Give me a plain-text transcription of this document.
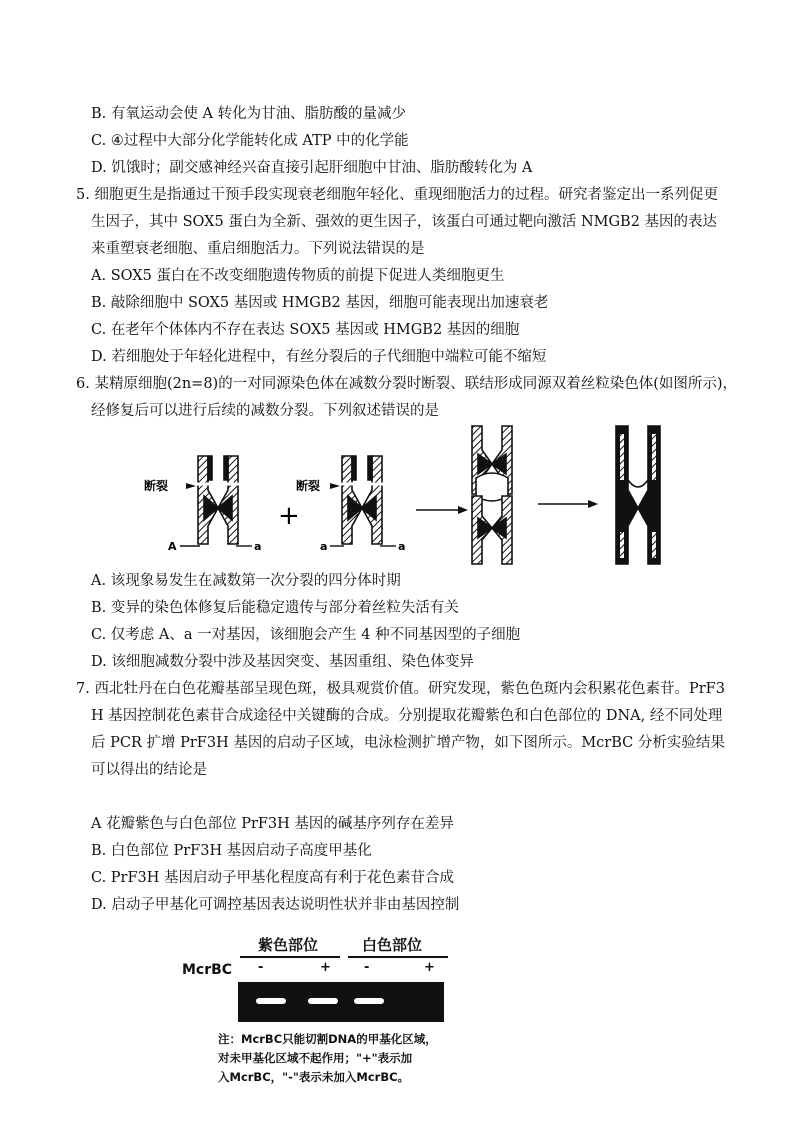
B. 有氧运动会使 A 转化为甘油、脂肪酸的量减少
C. ④过程中大部分化学能转化成 ATP 中的化学能
D. 饥饿时；副交感神经兴奋直接引起肝细胞中甘油、脂肪酸转化为 A
5. 细胞更生是指通过干预手段实现衰老细胞年轻化、重现细胞活力的过程。研究者鉴定出一系列促更
生因子，其中 SOX5 蛋白为全新、强效的更生因子，该蛋白可通过靶向激活 NMGB2 基因的表达
来重塑衰老细胞、重启细胞活力。下列说法错误的是
A. SOX5 蛋白在不改变细胞遗传物质的前提下促进人类细胞更生
B. 敲除细胞中 SOX5 基因或 HMGB2 基因，细胞可能表现出加速衰老
C. 在老年个体体内不存在表达 SOX5 基因或 HMGB2 基因的细胞
D. 若细胞处于年轻化进程中，有丝分裂后的子代细胞中端粒可能不缩短
6. 某精原细胞(2n=8)的一对同源染色体在减数分裂时断裂、联结形成同源双着丝粒染色体(如图所示)，
经修复后可以进行后续的减数分裂。下列叙述错误的是
断裂
A	a
+
断裂
a	a
A. 该现象易发生在减数第一次分裂的四分体时期
B. 变异的染色体修复后能稳定遗传与部分着丝粒失活有关
C. 仅考虑 A、a 一对基因，该细胞会产生 4 种不同基因型的子细胞
D. 该细胞减数分裂中涉及基因突变、基因重组、染色体变异
7. 西北牡丹在白色花瓣基部呈现色斑，极具观赏价值。研究发现，紫色色斑内会积累花色素苷。PrF3
H 基因控制花色素苷合成途径中关键酶的合成。分别提取花瓣紫色和白色部位的 DNA, 经不同处理
后 PCR 扩增 PrF3H 基因的启动子区域，电泳检测扩增产物，如下图所示。McrBC 分析实验结果
可以得出的结论是
A 花瓣紫色与白色部位 PrF3H 基因的碱基序列存在差异
B. 白色部位 PrF3H 基因启动子高度甲基化
C. PrF3H 基因启动子甲基化程度高有利于花色素苷合成
D. 启动子甲基化可调控基因表达说明性状并非由基因控制
紫色部位	白色部位
McrBC -	+	-	+
注：McrBC只能切割DNA的甲基化区域，
对未甲基化区域不起作用；"+"表示加
入McrBC，"-"表示未加入McrBC。
